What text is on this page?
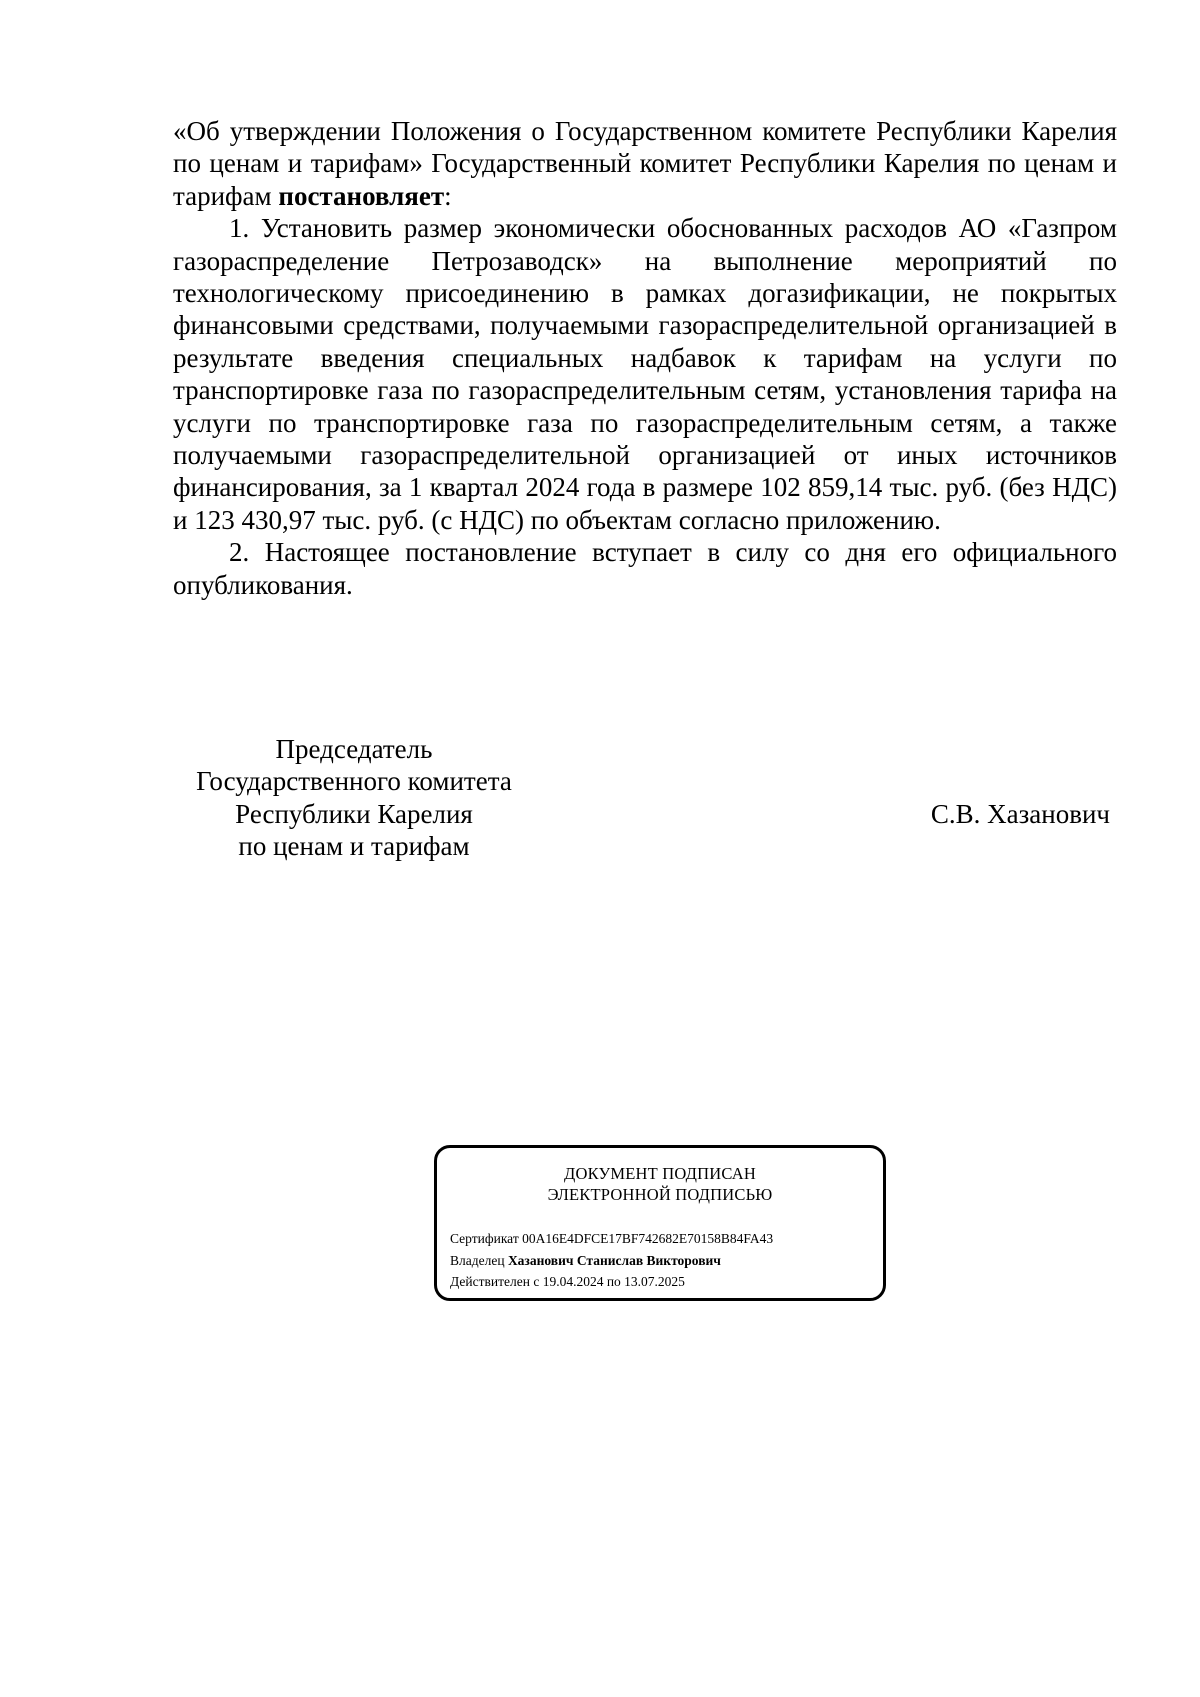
«Об утверждении Положения о Государственном комитете Республики Карелия по ценам и тарифам» Государственный комитет Республики Карелия по ценам и тарифам постановляет:

1. Установить размер экономически обоснованных расходов АО «Газпром газораспределение Петрозаводск» на выполнение мероприятий по технологическому присоединению в рамках догазификации, не покрытых финансовыми средствами, получаемыми газораспределительной организацией в результате введения специальных надбавок к тарифам на услуги по транспортировке газа по газораспределительным сетям, установления тарифа на услуги по транспортировке газа по газораспределительным сетям, а также получаемыми газораспределительной организацией от иных источников финансирования, за 1 квартал 2024 года в размере 102 859,14 тыс. руб. (без НДС) и 123 430,97 тыс. руб. (с НДС) по объектам согласно приложению.

2. Настоящее постановление вступает в силу со дня его официального опубликования.

Председатель
Государственного комитета
Республики Карелия
по ценам и тарифам
С.В. Хазанович
ДОКУМЕНТ ПОДПИСАН
ЭЛЕКТРОННОЙ ПОДПИСЬЮ
Сертификат 00A16E4DFCE17BF742682E70158B84FA43
Владелец Хазанович Станислав Викторович
Действителен с 19.04.2024 по 13.07.2025
